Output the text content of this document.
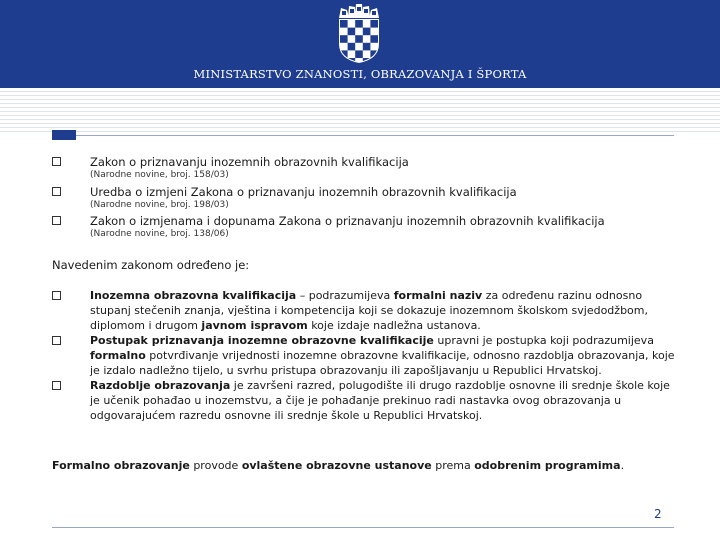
MINISTARSTVO ZNANOSTI, OBRAZOVANJA I ŠPORTA
Zakon o priznavanju inozemnih obrazovnih kvalifikacija
(Narodne novine, broj. 158/03)
Uredba o izmjeni Zakona o priznavanju inozemnih obrazovnih kvalifikacija
(Narodne novine, broj. 198/03)
Zakon o izmjenama i dopunama Zakona o priznavanju inozemnih obrazovnih kvalifikacija
(Narodne novine, broj. 138/06)
Navedenim zakonom određeno je:
Inozemna obrazovna kvalifikacija – podrazumijeva formalni naziv za određenu razinu odnosno stupanj stečenih znanja, vještina i kompetencija koji se dokazuje inozemnom školskom svjedodžbom, diplomom i drugom javnom ispravom koje izdaje nadležna ustanova.
Postupak priznavanja inozemne obrazovne kvalifikacije upravni je postupka koji podrazumijeva formalno potvrđivanje vrijednosti inozemne obrazovne kvalifikacije, odnosno razdoblja obrazovanja, koje je izdalo nadležno tijelo, u svrhu pristupa obrazovanju ili zapošljavanju u Republici Hrvatskoj.
Razdoblje obrazovanja je završeni razred, polugodište ili drugo razdoblje osnovne ili srednje škole koje je učenik pohađao u inozemstvu, a čije je pohađanje prekinuo radi nastavka ovog obrazovanja u odgovarajućem razredu osnovne ili srednje škole u Republici Hrvatskoj.
Formalno obrazovanje provode ovlaštene obrazovne ustanove prema odobrenim programima.
2
